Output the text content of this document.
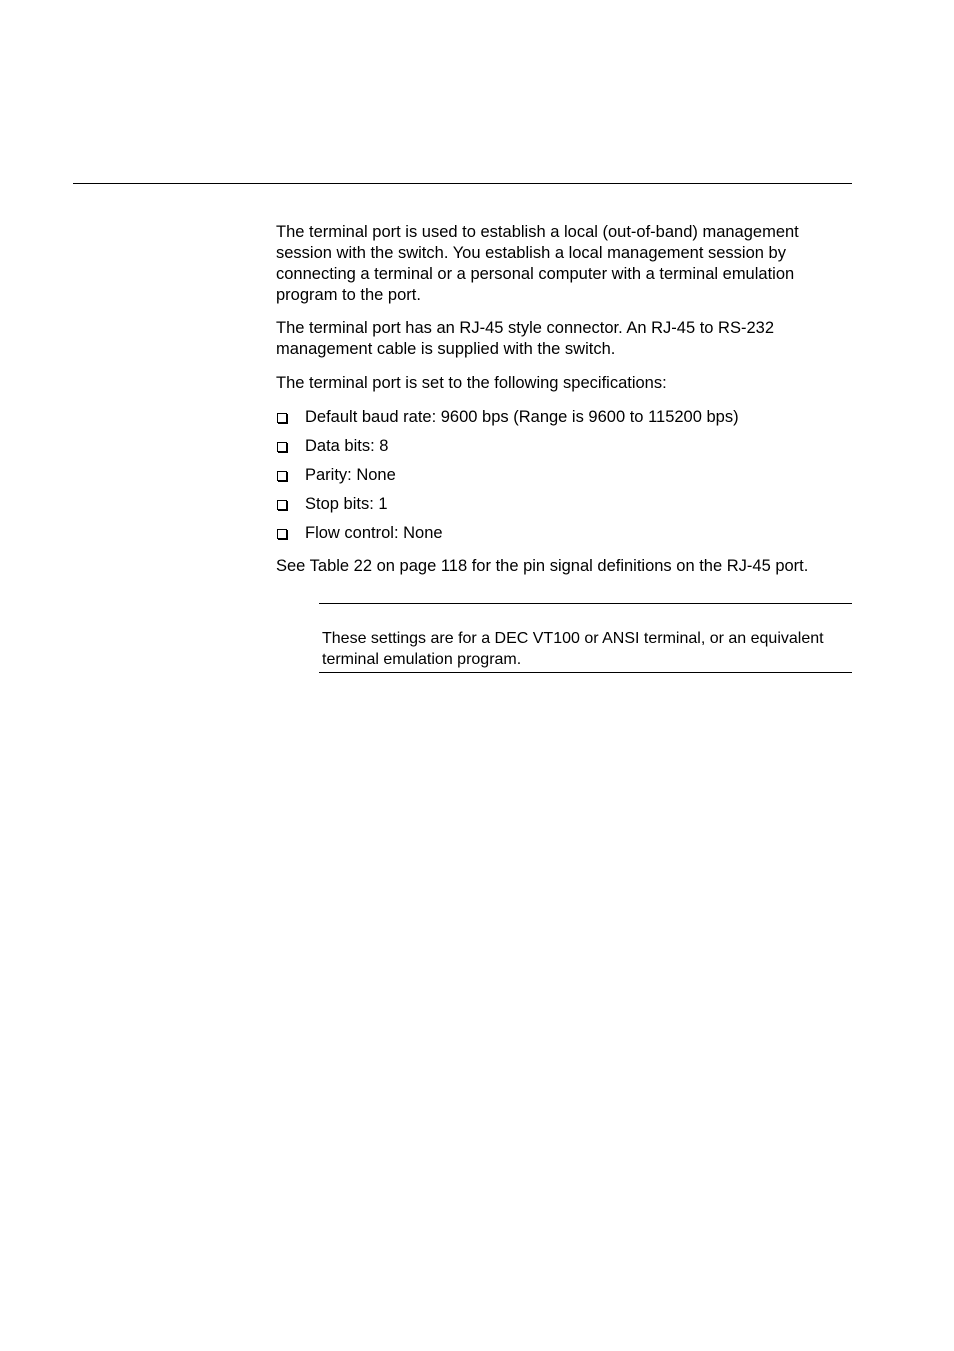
The terminal port is used to establish a local (out-of-band) management session with the switch. You establish a local management session by connecting a terminal or a personal computer with a terminal emulation program to the port.

The terminal port has an RJ-45 style connector. An RJ-45 to RS-232 management cable is supplied with the switch.

The terminal port is set to the following specifications:

Default baud rate: 9600 bps (Range is 9600 to 115200 bps)
Data bits: 8
Parity: None
Stop bits: 1
Flow control: None

See Table 22 on page 118 for the pin signal definitions on the RJ-45 port.

These settings are for a DEC VT100 or ANSI terminal, or an equivalent terminal emulation program.
